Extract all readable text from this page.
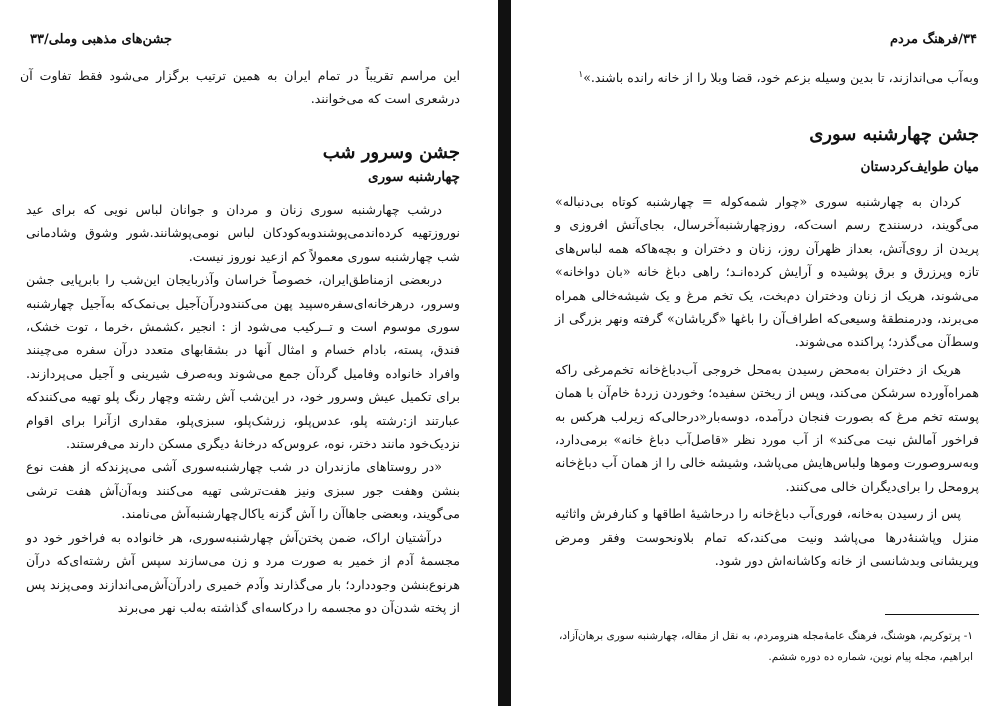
جشن‌های مذهبی وملی/۳۳

این مراسم تقریباً در تمام ایران به همین ترتیب برگزار می‌شود فقط تفاوت آن درشعری است که می‌خوانند.

جشن وسرور شب

چهارشنبه سوری

درشب چهارشنبه سوری زنان و مردان و جوانان لباس نو‌یی که برای عید نوروزتهیه کرده‌اندمی‌پوشندوبه‌کودکان لباس نومی‌پوشانند.شور وشوق وشادمانی شب چهارشنبه سوری معمولاً کم ازعید نوروز نیست.

دربعضی ازمناطق‌ایران، خصوصاً خراسان وآذربایجان این‌شب را بابرپایی جشن وسرور، درهرخانه‌ای‌سفره‌سپید پهن می‌کنندودرآن‌آجیل بی‌نمک‌که به‌آجیل چهارشنبه سوری موسوم است و تــرکیب می‌شود از : انجیر ،کشمش ،خرما ، توت خشک، فندق، پسته، بادام خسام و امثال آنها در بشقابهای متعدد درآن سفره می‌چینند وافراد خانواده وفامیل گردآن جمع می‌شوند وبه‌صرف شیرینی و آجیل می‌پردازند. برای تکمیل عیش وسرور خود، در این‌شب آش رشته وچهار رنگ پلو تهیه می‌کنندکه عبارتند از:رشته پلو، عدس‌پلو، زرشک‌پلو، سبزی‌پلو، مقداری ازآنرا برای اقوام نزدیک‌خود مانند دختر، نوه، عروس‌که درخانهٔ دیگری مسکن دارند می‌فرستند.

«در روستاهای مازندران در شب چهارشنبه‌سوری آشی می‌پزندکه از هفت نوع بنشن وهفت جور سبزی ونیز هفت‌ترشی تهیه می‌کنند وبه‌آن‌آش هفت ترشی می‌گویند، وبعضی جاهاآن را آش گزنه یاکال‌چهارشنبه‌آش می‌نامند.

درآشتیان اراک، ضمن پختن‌آش چهارشنبه‌سوری، هر خانواده به فراخور خود دو مجسمهٔ آدم از خمیر به صورت مرد و زن می‌سازند سپس آش رشته‌ای‌که درآن هرنوع‌بنشن وجوددارد؛ بار می‌گذارند وآدم خمیری رادرآن‌آش‌می‌اندازند ومی‌پزند پس از پخته شدن‌آن دو مجسمه را درکاسه‌ای گذاشته به‌لب نهر می‌برند

۳۴/فرهنگ مردم

وبه‌آب می‌اندازند، تا بدین وسیله بزعم خود، قضا وبلا را از خانه رانده باشند.»$^۱$

جشن چهارشنبه سوری

میان طوایف‌کردستان

کردان به چهارشنبه سوری «چوار شمه‌کوله = چهارشنبه کوتاه بی‌دنباله» می‌گویند، درسنندج رسم است‌که، روزچهارشنبه‌آخرسال، بجای‌آتش افروزی و پریدن از روی‌آتش، بعداز ظهرآن روز، زنان و دختران و بچه‌هاکه همه لباس‌های تازه وپرزرق و برق پوشیده و آرایش کرده‌انـد؛ راهی دباغ خانه «بان دواخانه» می‌شوند، هریک از زنان ودختران دم‌بخت، یک تخم مرغ و یک شیشه‌خالی همراه می‌برند، ودرمنطقهٔ وسیعی‌که اطراف‌آن را باغها «گریاشان» گرفته ونهر بزرگی از وسط‌آن می‌گذرد؛ پراکنده می‌شوند.

هریک از دختران به‌محض رسیدن به‌محل خروجی آب‌دباغ‌خانه تخم‌مرغی راکه همراه‌آورده سرشکن می‌کند، وپس از ریختن سفیده؛ وخوردن زردهٔ خام‌آن با همان پوسته تخم مرغ که بصورت فنجان درآمده، دوسه‌بار«درحالی‌که زیرلب هرکس به فراخور آمالش نیت می‌کند» از آب مورد نظر «قاصل‌آب دباغ خانه» برمی‌دارد، وبه‌سروصورت وموها ولباس‌هایش می‌پاشد، وشیشه خالی را از همان آب دباغ‌خانه پرومحل را برای‌دیگران خالی می‌کنند.

پس از رسیدن به‌خانه، فوری‌آب دباغ‌خانه را درحاشیهٔ اطاقها و کنارفرش واثاثیه منزل وپاشنهٔ‌درها می‌پاشد ونیت می‌کند،که تمام بلاونحوست وفقر ومرض وپریشانی وبدشانسی از خانه وکاشانه‌اش دور شود.

۱- پرتوکریم، هوشنگ، فرهنگ عامهٔ‌مجله هنرومردم، به نقل از مقاله، چهارشنبه سوری برهان‌آزاد، ابراهیم، مجله پیام نوین، شماره ده دوره ششم.
